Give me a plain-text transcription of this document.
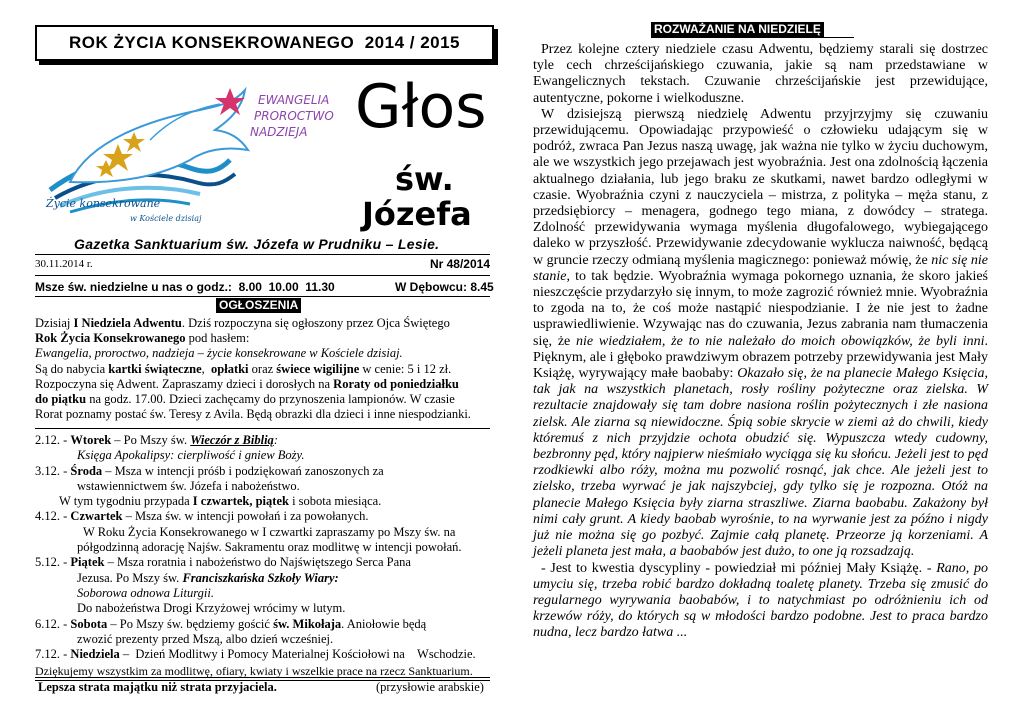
ROK ŻYCIA KONSEKROWANEGO  2014 / 2015
EWANGELIA
PROROCTWO
NADZIEJA
Życie konsekrowane
w Kościele dzisiaj
Głos
św.
Józefa
Gazetka Sanktuarium św. Józefa w Prudniku – Lesie.
30.11.2014 r.	Nr 48/2014
Msze św. niedzielne u nas o godz.:  8.00  10.00  11.30	W Dębowcu: 8.45
OGŁOSZENIA

Dzisiaj I Niedziela Adwentu. Dziś rozpoczyna się ogłoszony przez Ojca Świętego

Rok Życia Konsekrowanego pod hasłem:

Ewangelia, proroctwo, nadzieja – życie konsekrowane w Kościele dzisiaj.

Są do nabycia kartki świąteczne,  opłatki oraz świece wigilijne w cenie: 5 i 12 zł.

Rozpoczyna się Adwent. Zapraszamy dzieci i dorosłych na Roraty od poniedziałku
do piątku na godz. 17.00. Dzieci zachęcamy do przynoszenia lampionów. W czasie
Rorat poznamy postać św. Teresy z Avila. Będą obrazki dla dzieci i inne niespodzianki.

2.12. - Wtorek – Po Mszy św. Wieczór z Biblią:
Księga Apokalipsy: cierpliwość i gniew Boży.
3.12. - Środa – Msza w intencji próśb i podziękowań zanoszonych za
wstawiennictwem św. Józefa i nabożeństwo.
W tym tygodniu przypada I czwartek, piątek i sobota miesiąca.
4.12. - Czwartek – Msza św. w intencji powołań i za powołanych.
W Roku Życia Konsekrowanego w I czwartki zapraszamy po Mszy św. na
półgodzinną adorację Najśw. Sakramentu oraz modlitwę w intencji powołań.
5.12. - Piątek – Msza roratnia i nabożeństwo do Najświętszego Serca Pana
Jezusa. Po Mszy św. Franciszkańska Szkoły Wiary:
Soborowa odnowa Liturgii.
Do nabożeństwa Drogi Krzyżowej wrócimy w lutym.
6.12. - Sobota – Po Mszy św. będziemy gościć św. Mikołaja. Aniołowie będą
zwozić prezenty przed Mszą, albo dzień wcześniej.
7.12. - Niedziela –  Dzień Modlitwy i Pomocy Materialnej Kościołowi na    Wschodzie.
Dziękujemy wszystkim za modlitwę, ofiary, kwiaty i wszelkie prace na rzecz Sanktuarium.
Lepsza strata majątku niż strata przyjaciela.	(przysłowie arabskie)
ROZWAŻANIE NA NIEDZIELĘ

Przez kolejne cztery niedziele czasu Adwentu, będziemy starali się dostrzec tyle cech chrześcijańskiego czuwania, jakie są nam przedstawiane w Ewangelicznych tekstach. Czuwanie chrześcijańskie jest przewidujące, autentyczne, pokorne i wielkoduszne.

W dzisiejszą pierwszą niedzielę Adwentu przyjrzyjmy się czuwaniu przewidującemu. Opowiadając przypowieść o człowieku udającym się w podróż, zwraca Pan Jezus naszą uwagę, jak ważna nie tylko w życiu duchowym, ale we wszystkich jego przejawach jest wyobraźnia. Jest ona zdolnością łączenia aktualnego działania, lub jego braku ze skutkami, nawet bardzo odległymi w czasie. Wyobraźnia czyni z nauczyciela – mistrza, z polityka – męża stanu, z przedsiębiorcy – menagera, godnego tego miana, z dowódcy – stratega. Zdolność przewidywania wymaga myślenia długofalowego, wybiegającego daleko w przyszłość. Przewidywanie zdecydowanie wyklucza naiwność, będącą w gruncie rzeczy odmianą myślenia magicznego: ponieważ mówię, że nic się nie stanie, to tak będzie. Wyobraźnia wymaga pokornego uznania, że skoro jakieś nieszczęście przydarzyło się innym, to może zagrozić również mnie. Wyobraźnia to zgoda na to, że coś może nastąpić niespodzianie. I że nie jest to żadne usprawiedliwienie. Wzywając nas do czuwania, Jezus zabrania nam tłumaczenia się, że nie wiedziałem, że to nie należało do moich obowiązków, że byli inni. Pięknym, ale i głęboko prawdziwym obrazem potrzeby przewidywania jest Mały Książę, wyrywający małe baobaby: Okazało się, że na planecie Małego Księcia, tak jak na wszystkich planetach, rosły rośliny pożyteczne oraz zielska. W rezultacie znajdowały się tam dobre nasiona roślin pożytecznych i złe nasiona zielsk. Ale ziarna są niewidoczne. Śpią sobie skrycie w ziemi aż do chwili, kiedy któremuś z nich przyjdzie ochota obudzić się. Wypuszcza wtedy cudowny, bezbronny pęd, który najpierw nieśmiało wyciąga się ku słońcu. Jeżeli jest to pęd rzodkiewki albo róży, można mu pozwolić rosnąć, jak chce. Ale jeżeli jest to zielsko, trzeba wyrwać je jak najszybciej, gdy tylko się je rozpozna. Otóż na planecie Małego Księcia były ziarna straszliwe. Ziarna baobabu. Zakażony był nimi cały grunt. A kiedy baobab wyrośnie, to na wyrwanie jest za późno i nigdy już nie można się go pozbyć. Zajmie całą planetę. Przeorze ją korzeniami. A jeżeli planeta jest mała, a baobabów jest dużo, to one ją rozsadzają.

- Jest to kwestia dyscypliny - powiedział mi później Mały Książę. - Rano, po umyciu się, trzeba robić bardzo dokładną toaletę planety. Trzeba się zmusić do regularnego wyrywania baobabów, i to natychmiast po odróżnieniu ich od krzewów róży, do których są w młodości bardzo podobne. Jest to praca bardzo nudna, lecz bardzo łatwa ...
